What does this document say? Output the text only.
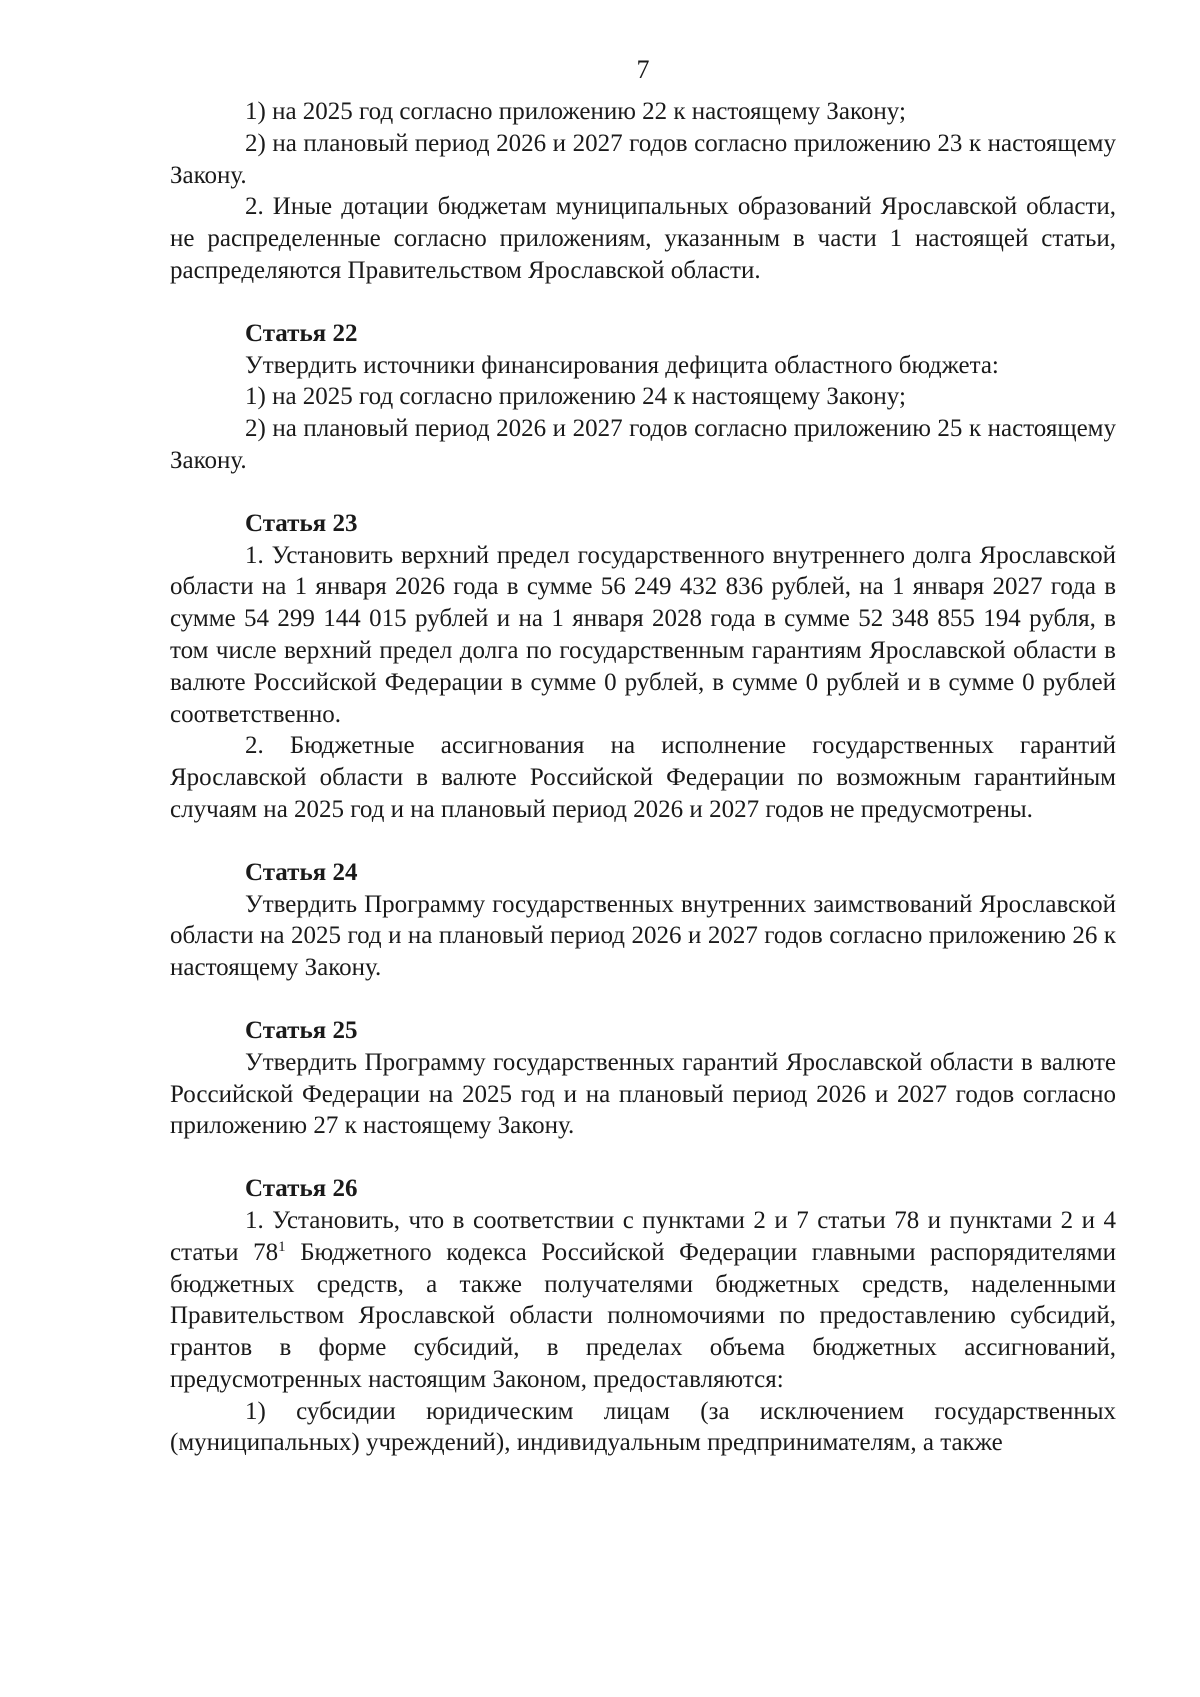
7

1) на 2025 год согласно приложению 22 к настоящему Закону;

2) на плановый период 2026 и 2027 годов согласно приложению 23 к настоящему Закону.

2. Иные дотации бюджетам муниципальных образований Ярославской области, не распределенные согласно приложениям, указанным в части 1 настоящей статьи, распределяются Правительством Ярославской области.

Статья 22

Утвердить источники финансирования дефицита областного бюджета:

1) на 2025 год согласно приложению 24 к настоящему Закону;

2) на плановый период 2026 и 2027 годов согласно приложению 25 к настоящему Закону.

Статья 23

1. Установить верхний предел государственного внутреннего долга Ярославской области на 1 января 2026 года в сумме 56 249 432 836 рублей, на 1 января 2027 года в сумме 54 299 144 015 рублей и на 1 января 2028 года в сумме 52 348 855 194 рубля, в том числе верхний предел долга по государственным гарантиям Ярославской области в валюте Российской Федерации в сумме 0 рублей, в сумме 0 рублей и в сумме 0 рублей соответственно.

2. Бюджетные ассигнования на исполнение государственных гарантий Ярославской области в валюте Российской Федерации по возможным гарантийным случаям на 2025 год и на плановый период 2026 и 2027 годов не предусмотрены.

Статья 24

Утвердить Программу государственных внутренних заимствований Ярославской области на 2025 год и на плановый период 2026 и 2027 годов согласно приложению 26 к настоящему Закону.

Статья 25

Утвердить Программу государственных гарантий Ярославской области в валюте Российской Федерации на 2025 год и на плановый период 2026 и 2027 годов согласно приложению 27 к настоящему Закону.

Статья 26

1. Установить, что в соответствии с пунктами 2 и 7 статьи 78 и пунктами 2 и 4 статьи $78^1$ Бюджетного кодекса Российской Федерации главными распорядителями бюджетных средств, а также получателями бюджетных средств, наделенными Правительством Ярославской области полномочиями по предоставлению субсидий, грантов в форме субсидий, в пределах объема бюджетных ассигнований, предусмотренных настоящим Законом, предоставляются:

1) субсидии юридическим лицам (за исключением государственных (муниципальных) учреждений), индивидуальным предпринимателям, а также
